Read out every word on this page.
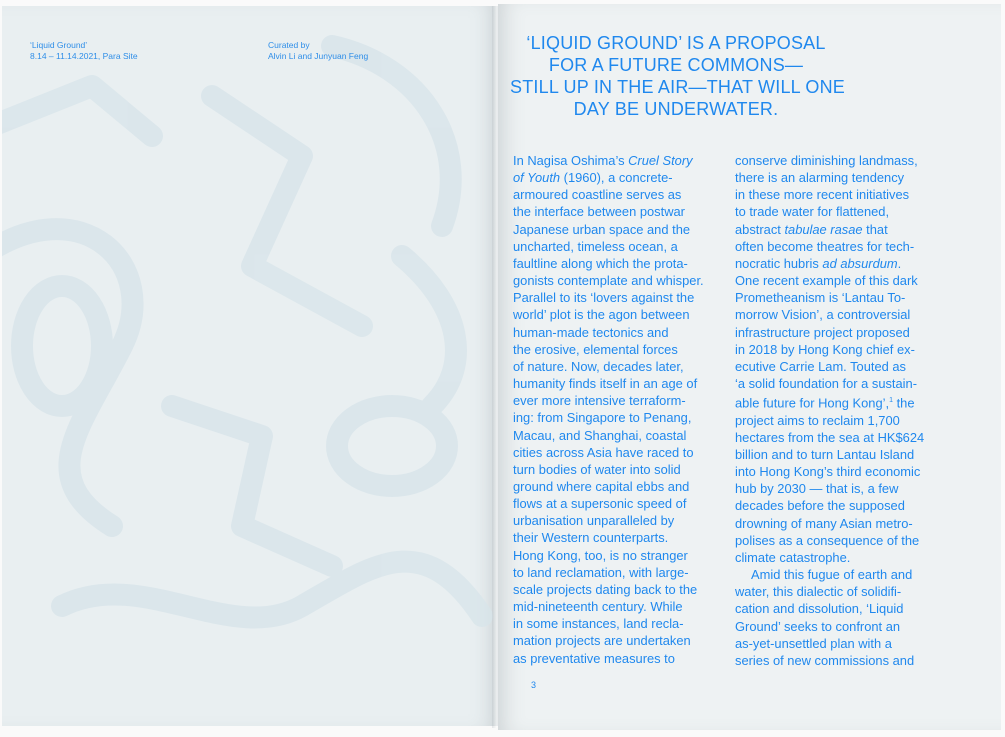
‘Liquid Ground’
8.14 – 11.14.2021, Para Site
Curated by
Alvin Li and Junyuan Feng
‘LIQUID GROUND’ IS A PROPOSAL
FOR A FUTURE COMMONS—
STILL UP IN THE AIR—THAT WILL ONE
DAY BE UNDERWATER.
In Nagisa Oshima’s Cruel Story
of Youth (1960), a concrete-
armoured coastline serves as
the interface between postwar
Japanese urban space and the
uncharted, timeless ocean, a
faultline along which the prota-
gonists contemplate and whisper.
Parallel to its ‘lovers against the
world’ plot is the agon between
human-made tectonics and
the erosive, elemental forces
of nature. Now, decades later,
humanity finds itself in an age of
ever more intensive terraform-
ing: from Singapore to Penang,
Macau, and Shanghai, coastal
cities across Asia have raced to
turn bodies of water into solid
ground where capital ebbs and
flows at a supersonic speed of
urbanisation unparalleled by
their Western counterparts.
Hong Kong, too, is no stranger
to land reclamation, with large-
scale projects dating back to the
mid-nineteenth century. While
in some instances, land recla-
mation projects are undertaken
as preventative measures to
conserve diminishing landmass,
there is an alarming tendency
in these more recent initiatives
to trade water for flattened,
abstract tabulae rasae that
often become theatres for tech-
nocratic hubris ad absurdum.
One recent example of this dark
Prometheanism is ‘Lantau To-
morrow Vision’, a controversial
infrastructure project proposed
in 2018 by Hong Kong chief ex-
ecutive Carrie Lam. Touted as
‘a solid foundation for a sustain-
able future for Hong Kong’,$^1$ the
project aims to reclaim 1,700
hectares from the sea at HK$624
billion and to turn Lantau Island
into Hong Kong’s third economic
hub by 2030 — that is, a few
decades before the supposed
drowning of many Asian metro-
polises as a consequence of the
climate catastrophe.
Amid this fugue of earth and
water, this dialectic of solidifi-
cation and dissolution, ‘Liquid
Ground’ seeks to confront an
as-yet-unsettled plan with a
series of new commissions and
3
